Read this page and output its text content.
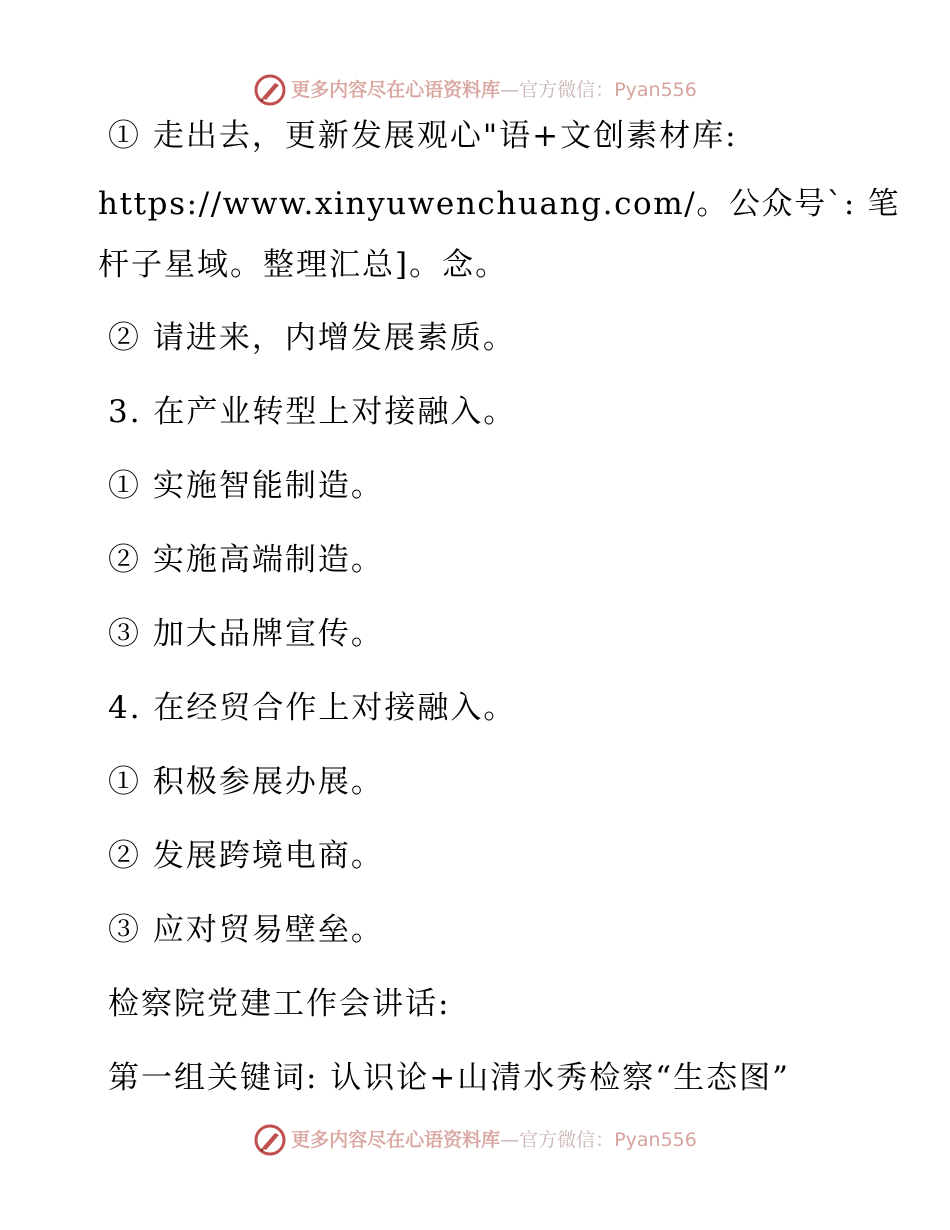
更多内容尽在心语资料库 — 官方微信： Pyan556
① 走出去，更新发展观心"语+文创素材库:
https://www.xinyuwenchuang.com/。公众号`: 笔
杆子星域。整理汇总]。念。
② 请进来，内增发展素质。
3. 在产业转型上对接融入。
① 实施智能制造。
② 实施高端制造。
③ 加大品牌宣传。
4. 在经贸合作上对接融入。
① 积极参展办展。
② 发展跨境电商。
③ 应对贸易壁垒。
检察院党建工作会讲话:
第一组关键词: 认识论+山清水秀检察“生态图”
更多内容尽在心语资料库 — 官方微信： Pyan556
